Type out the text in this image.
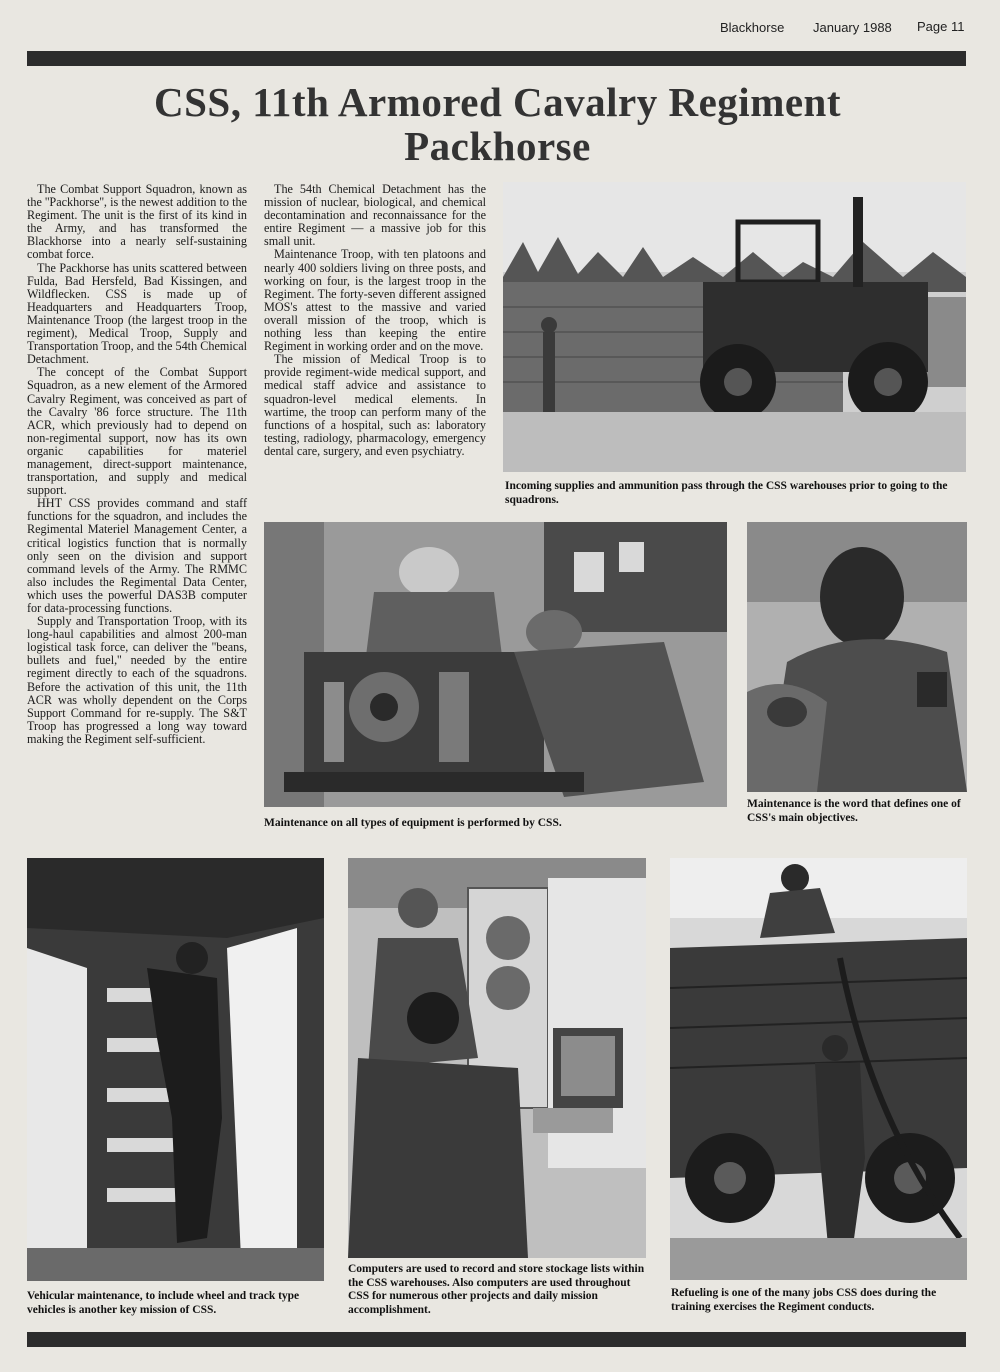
Blackhorse January 1988 Page 11
CSS, 11th Armored Cavalry Regiment
Packhorse

The Combat Support Squadron, known as the ''Packhorse'', is the newest addition to the Regiment. The unit is the first of its kind in the Army, and has transformed the Blackhorse into a nearly self-sustaining combat force.

The Packhorse has units scattered between Fulda, Bad Hersfeld, Bad Kissingen, and Wildflecken. CSS is made up of Headquarters and Headquarters Troop, Maintenance Troop (the largest troop in the regiment), Medical Troop, Supply and Transportation Troop, and the 54th Chemical Detachment.

The concept of the Combat Support Squadron, as a new element of the Armored Cavalry Regiment, was conceived as part of the Cavalry '86 force structure. The 11th ACR, which previously had to depend on non-regimental support, now has its own organic capabilities for materiel management, direct-support maintenance, transportation, and supply and medical support.

HHT CSS provides command and staff functions for the squadron, and includes the Regimental Materiel Management Center, a critical logistics function that is normally only seen on the division and support command levels of the Army. The RMMC also includes the Regimental Data Center, which uses the powerful DAS3B computer for data-processing functions.

Supply and Transportation Troop, with its long-haul capabilities and almost 200-man logistical task force, can deliver the ''beans, bullets and fuel,'' needed by the entire regiment directly to each of the squadrons. Before the activation of this unit, the 11th ACR was wholly dependent on the Corps Support Command for re-supply. The S&T Troop has progressed a long way toward making the Regiment self-sufficient.

The 54th Chemical Detachment has the mission of nuclear, biological, and chemical decontamination and reconnaissance for the entire Regiment — a massive job for this small unit.

Maintenance Troop, with ten platoons and nearly 400 soldiers living on three posts, and working on four, is the largest troop in the Regiment. The forty-seven different assigned MOS's attest to the massive and varied overall mission of the troop, which is nothing less than keeping the entire Regiment in working order and on the move.

The mission of Medical Troop is to provide regiment-wide medical support, and medical staff advice and assistance to squadron-level medical elements. In wartime, the troop can perform many of the functions of a hospital, such as: laboratory testing, radiology, pharmacology, emergency dental care, surgery, and even psychiatry.

Incoming supplies and ammunition pass through the CSS warehouses prior to going to the squadrons.
Maintenance on all types of equipment is performed by CSS.
Maintenance is the word that defines one of CSS's main objectives.
Vehicular maintenance, to include wheel and track type vehicles is another key mission of CSS.
Computers are used to record and store stockage lists within the CSS warehouses. Also computers are used throughout CSS for numerous other projects and daily mission accomplishment.
Refueling is one of the many jobs CSS does during the training exercises the Regiment conducts.
